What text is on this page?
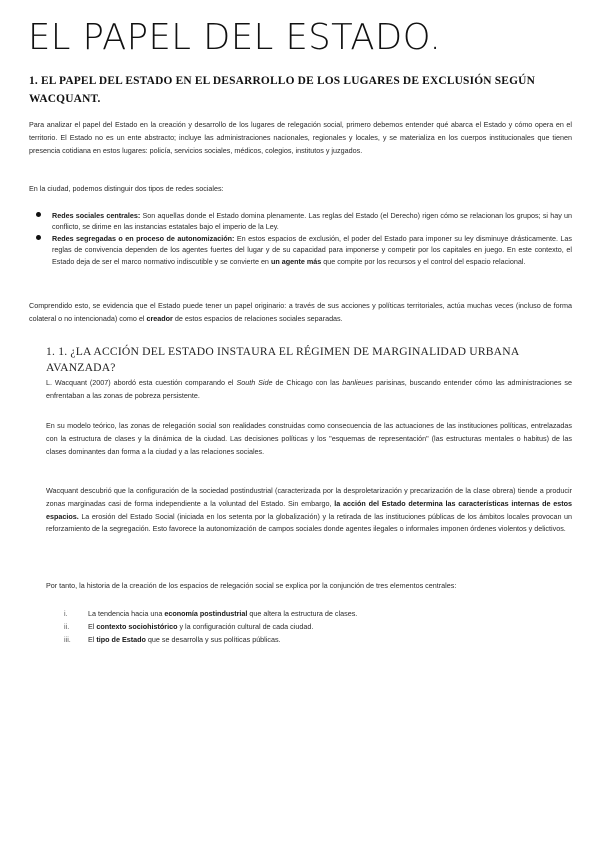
EL PAPEL DEL ESTADO.
1. EL PAPEL DEL ESTADO EN EL DESARROLLO DE LOS LUGARES DE EXCLUSIÓN SEGÚN WACQUANT.
Para analizar el papel del Estado en la creación y desarrollo de los lugares de relegación social, primero debemos entender qué abarca el Estado y cómo opera en el territorio. El Estado no es un ente abstracto; incluye las administraciones nacionales, regionales y locales, y se materializa en los cuerpos institucionales que tienen presencia cotidiana en estos lugares: policía, servicios sociales, médicos, colegios, institutos y juzgados.
En la ciudad, podemos distinguir dos tipos de redes sociales:
Redes sociales centrales: Son aquellas donde el Estado domina plenamente. Las reglas del Estado (el Derecho) rigen cómo se relacionan los grupos; si hay un conflicto, se dirime en las instancias estatales bajo el imperio de la Ley.
Redes segregadas o en proceso de autonomización: En estos espacios de exclusión, el poder del Estado para imponer su ley disminuye drásticamente. Las reglas de convivencia dependen de los agentes fuertes del lugar y de su capacidad para imponerse y competir por los capitales en juego. En este contexto, el Estado deja de ser el marco normativo indiscutible y se convierte en un agente más que compite por los recursos y el control del espacio relacional.
Comprendido esto, se evidencia que el Estado puede tener un papel originario: a través de sus acciones y políticas territoriales, actúa muchas veces (incluso de forma colateral o no intencionada) como el creador de estos espacios de relaciones sociales separadas.
1. 1. ¿LA ACCIÓN DEL ESTADO INSTAURA EL RÉGIMEN DE MARGINALIDAD URBANA AVANZADA?
L. Wacquant (2007) abordó esta cuestión comparando el South Side de Chicago con las banlieues parisinas, buscando entender cómo las administraciones se enfrentaban a las zonas de pobreza persistente.
En su modelo teórico, las zonas de relegación social son realidades construidas como consecuencia de las actuaciones de las instituciones políticas, entrelazadas con la estructura de clases y la dinámica de la ciudad. Las decisiones políticas y los "esquemas de representación" (las estructuras mentales o habitus) de las clases dominantes dan forma a la ciudad y a las relaciones sociales.
Wacquant descubrió que la configuración de la sociedad postindustrial (caracterizada por la desproletarización y precarización de la clase obrera) tiende a producir zonas marginadas casi de forma independiente a la voluntad del Estado. Sin embargo, la acción del Estado determina las características internas de estos espacios. La erosión del Estado Social (iniciada en los setenta por la globalización) y la retirada de las instituciones públicas de los ámbitos locales provocan un reforzamiento de la segregación. Esto favorece la autonomización de campos sociales donde agentes ilegales o informales imponen órdenes violentos y delictivos.
Por tanto, la historia de la creación de los espacios de relegación social se explica por la conjunción de tres elementos centrales:
i.	La tendencia hacia una economía postindustrial que altera la estructura de clases.
ii.	El contexto sociohistórico y la configuración cultural de cada ciudad.
iii. El tipo de Estado que se desarrolla y sus políticas públicas.
